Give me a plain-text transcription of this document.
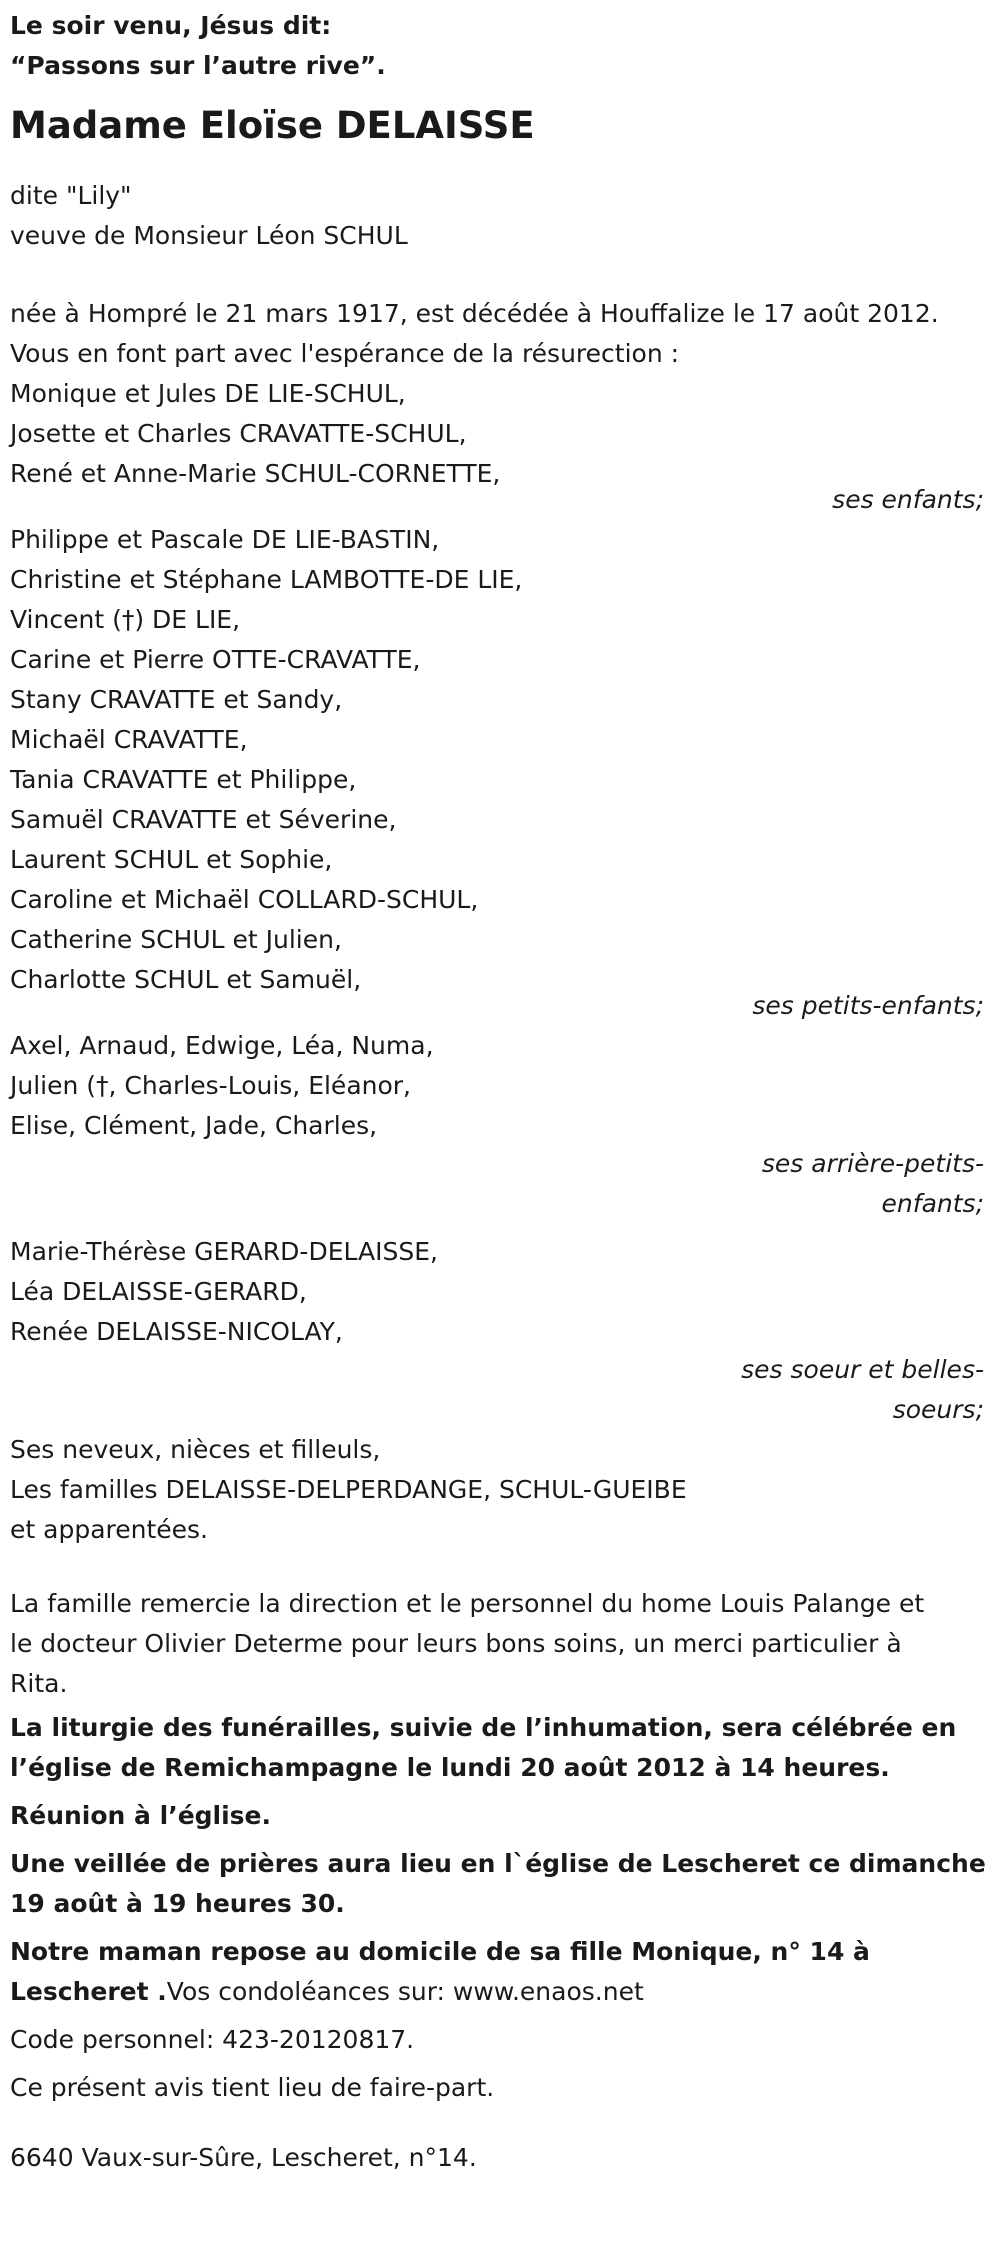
Le soir venu, Jésus dit:

“Passons sur l’autre rive”.

Madame Eloïse DELAISSE

dite "Lily"

veuve de Monsieur Léon SCHUL

née à Hompré le 21 mars 1917, est décédée à Houffalize le 17 août 2012.

Vous en font part avec l'espérance de la résurection :

Monique et Jules DE LIE-SCHUL,

Josette et Charles CRAVATTE-SCHUL,

René et Anne-Marie SCHUL-CORNETTE,

ses enfants;

Philippe et Pascale DE LIE-BASTIN,

Christine et Stéphane LAMBOTTE-DE LIE,

Vincent (†) DE LIE,

Carine et Pierre OTTE-CRAVATTE,

Stany CRAVATTE et Sandy,

Michaël CRAVATTE,

Tania CRAVATTE et Philippe,

Samuël CRAVATTE et Séverine,

Laurent SCHUL et Sophie,

Caroline et Michaël COLLARD-SCHUL,

Catherine SCHUL et Julien,

Charlotte SCHUL et Samuël,

ses petits-enfants;

Axel, Arnaud, Edwige, Léa, Numa,

Julien (†, Charles-Louis, Eléanor,

Elise, Clément, Jade, Charles,

ses arrière-petits-

enfants;

Marie-Thérèse GERARD-DELAISSE,

Léa DELAISSE-GERARD,

Renée DELAISSE-NICOLAY,

ses soeur et belles-

soeurs;

Ses neveux, nièces et filleuls,

Les familles DELAISSE-DELPERDANGE, SCHUL-GUEIBE

et apparentées.

La famille remercie la direction et le personnel du home Louis Palange et

le docteur Olivier Determe pour leurs bons soins, un merci particulier à

Rita.

La liturgie des funérailles, suivie de l’inhumation, sera célébrée en

l’église de Remichampagne le lundi 20 août 2012 à 14 heures.

Réunion à l’église.

Une veillée de prières aura lieu en l`église de Lescheret ce dimanche

19 août à 19 heures 30.

Notre maman repose au domicile de sa fille Monique, n° 14 à

Lescheret .Vos condoléances sur: www.enaos.net

Code personnel: 423-20120817.

Ce présent avis tient lieu de faire-part.

6640 Vaux-sur-Sûre, Lescheret, n°14.
